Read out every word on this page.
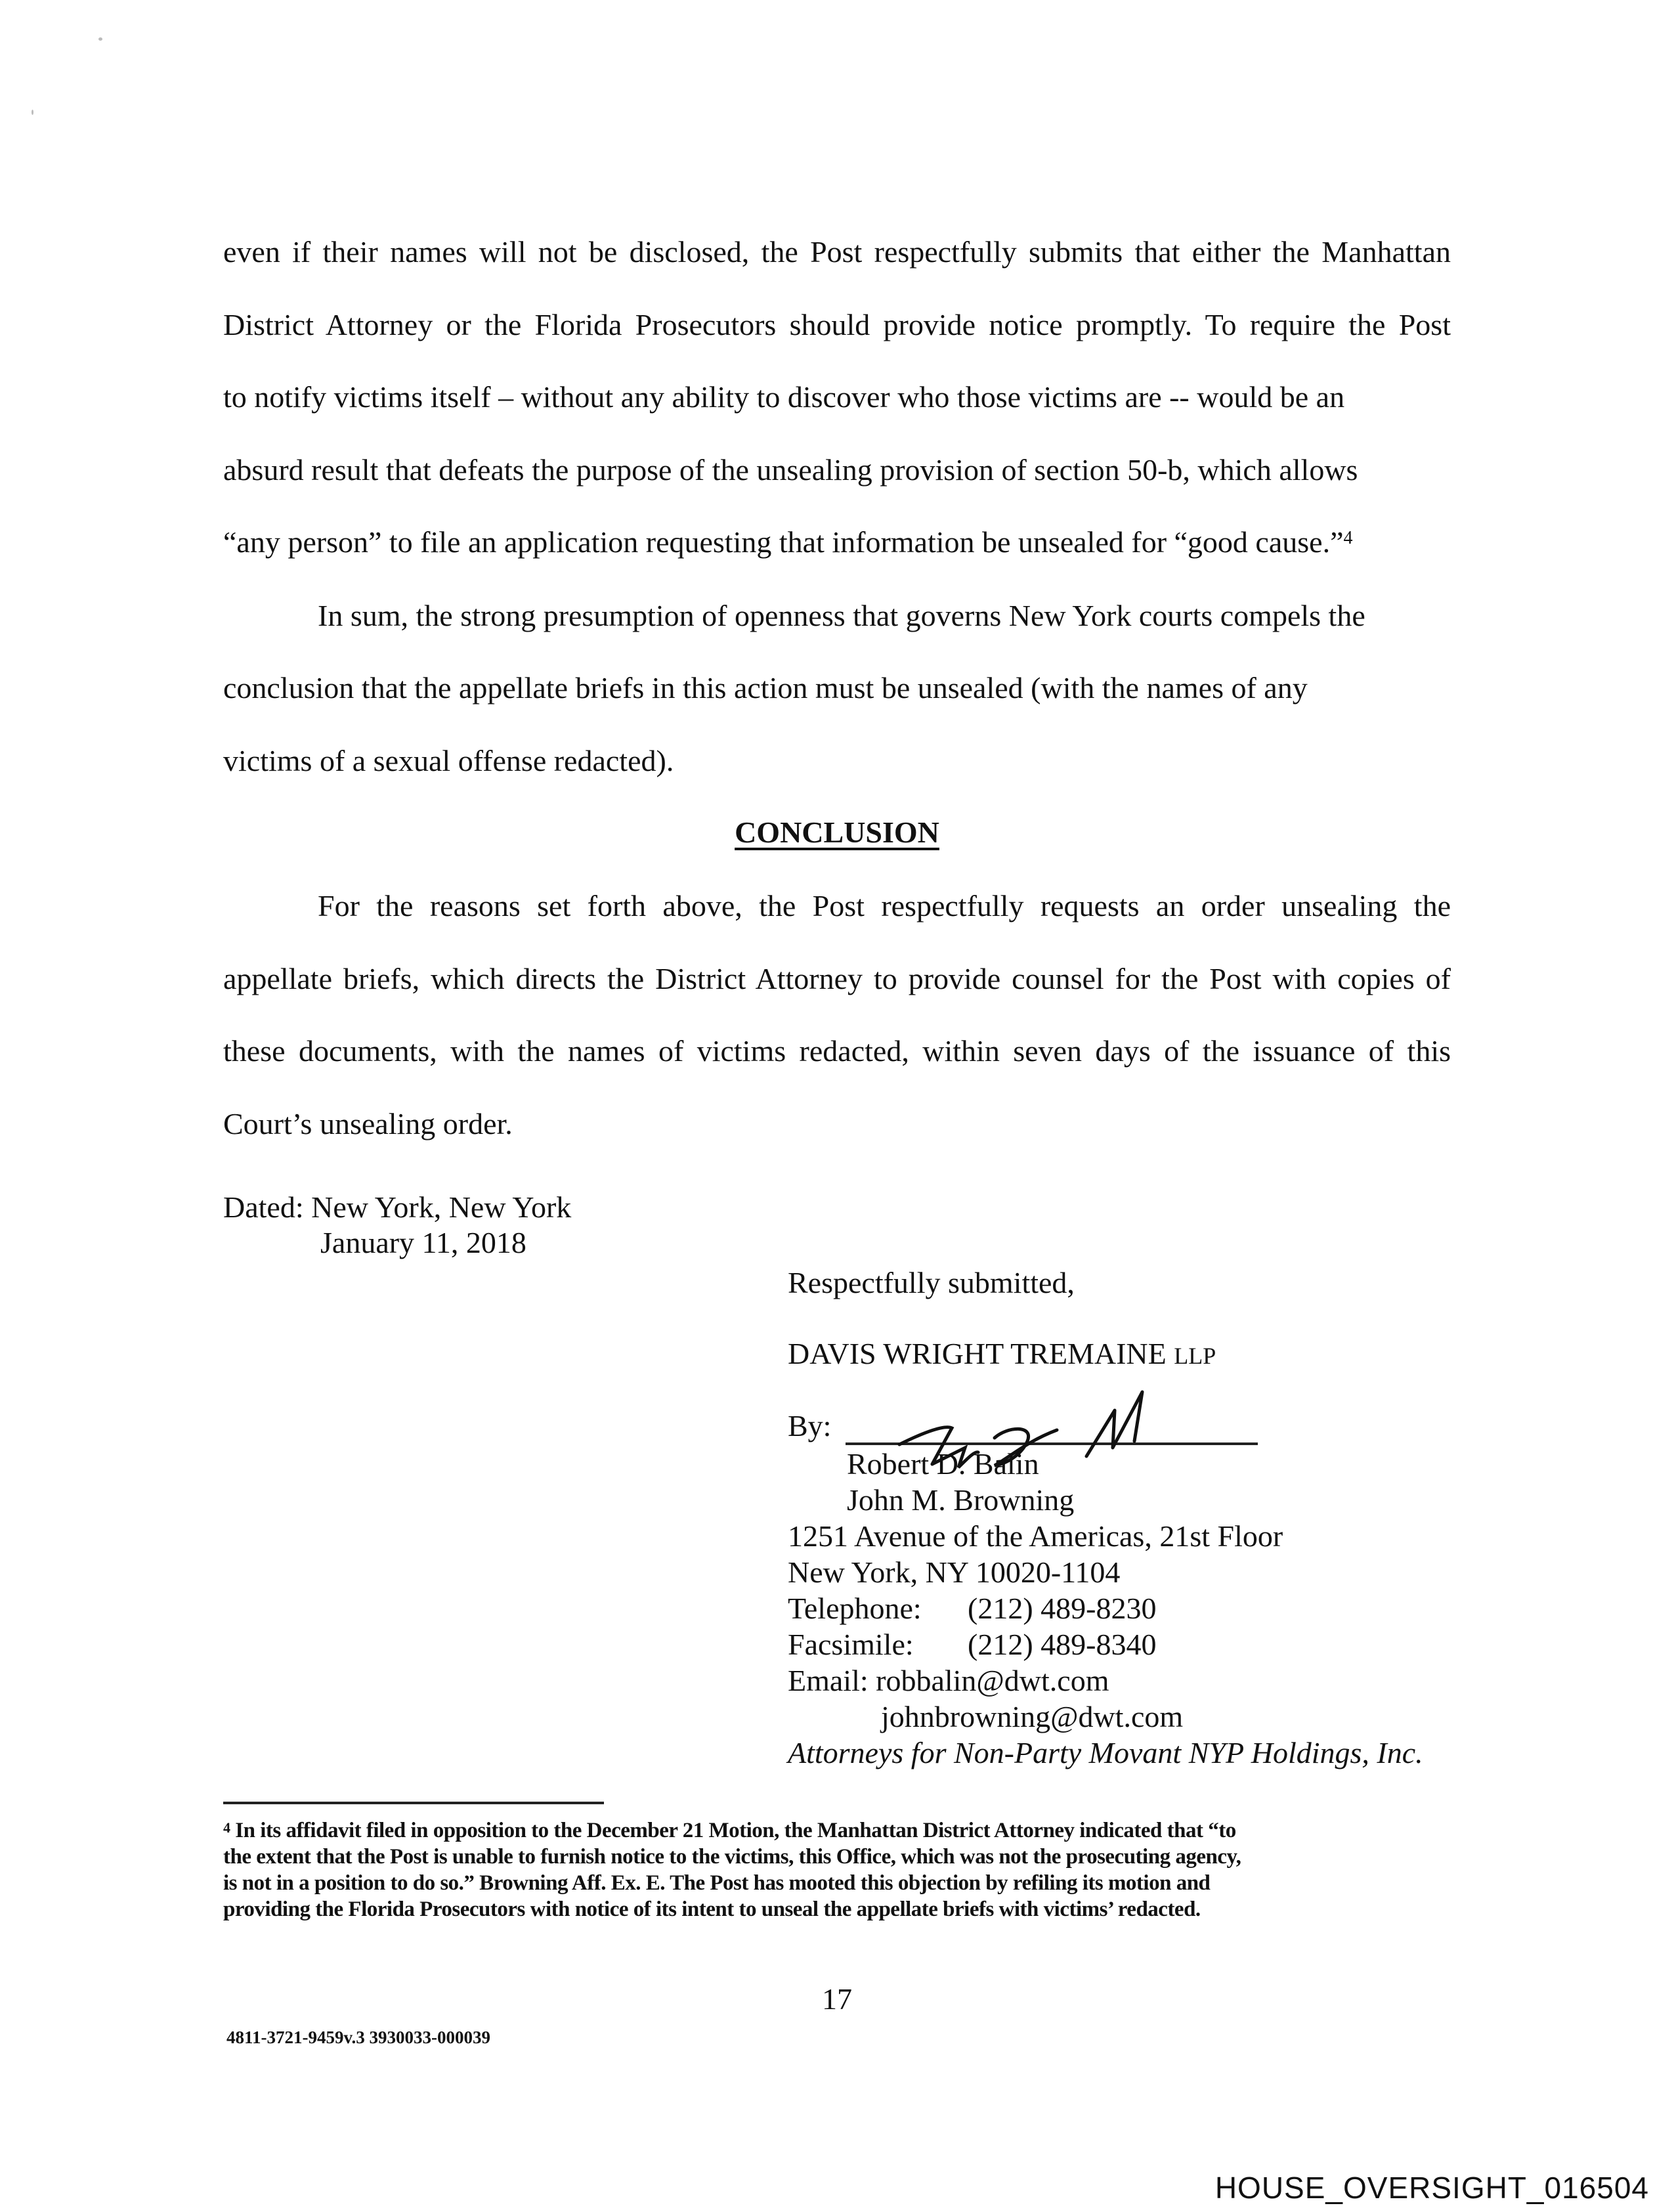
even if their names will not be disclosed, the Post respectfully submits that either the Manhattan
District Attorney or the Florida Prosecutors should provide notice promptly. To require the Post
to notify victims itself – without any ability to discover who those victims are -- would be an
absurd result that defeats the purpose of the unsealing provision of section 50-b, which allows
“any person” to file an application requesting that information be unsealed for “good cause.”$^4$
In sum, the strong presumption of openness that governs New York courts compels the
conclusion that the appellate briefs in this action must be unsealed (with the names of any
victims of a sexual offense redacted).
CONCLUSION
For the reasons set forth above, the Post respectfully requests an order unsealing the
appellate briefs, which directs the District Attorney to provide counsel for the Post with copies of
these documents, with the names of victims redacted, within seven days of the issuance of this
Court’s unsealing order.
Dated: New York, New York
January 11, 2018
Respectfully submitted,
DAVIS WRIGHT TREMAINE LLP
By:
Robert D. Balin
John M. Browning
1251 Avenue of the Americas, 21st Floor
New York, NY 10020-1104
Telephone: (212) 489-8230
Facsimile: (212) 489-8340
Email: robbalin@dwt.com
johnbrowning@dwt.com
Attorneys for Non-Party Movant NYP Holdings, Inc.
$^4$ In its affidavit filed in opposition to the December 21 Motion, the Manhattan District Attorney indicated that “to
the extent that the Post is unable to furnish notice to the victims, this Office, which was not the prosecuting agency,
is not in a position to do so.” Browning Aff. Ex. E. The Post has mooted this objection by refiling its motion and
providing the Florida Prosecutors with notice of its intent to unseal the appellate briefs with victims’ redacted.
17
4811-3721-9459v.3 3930033-000039
HOUSE_OVERSIGHT_016504
